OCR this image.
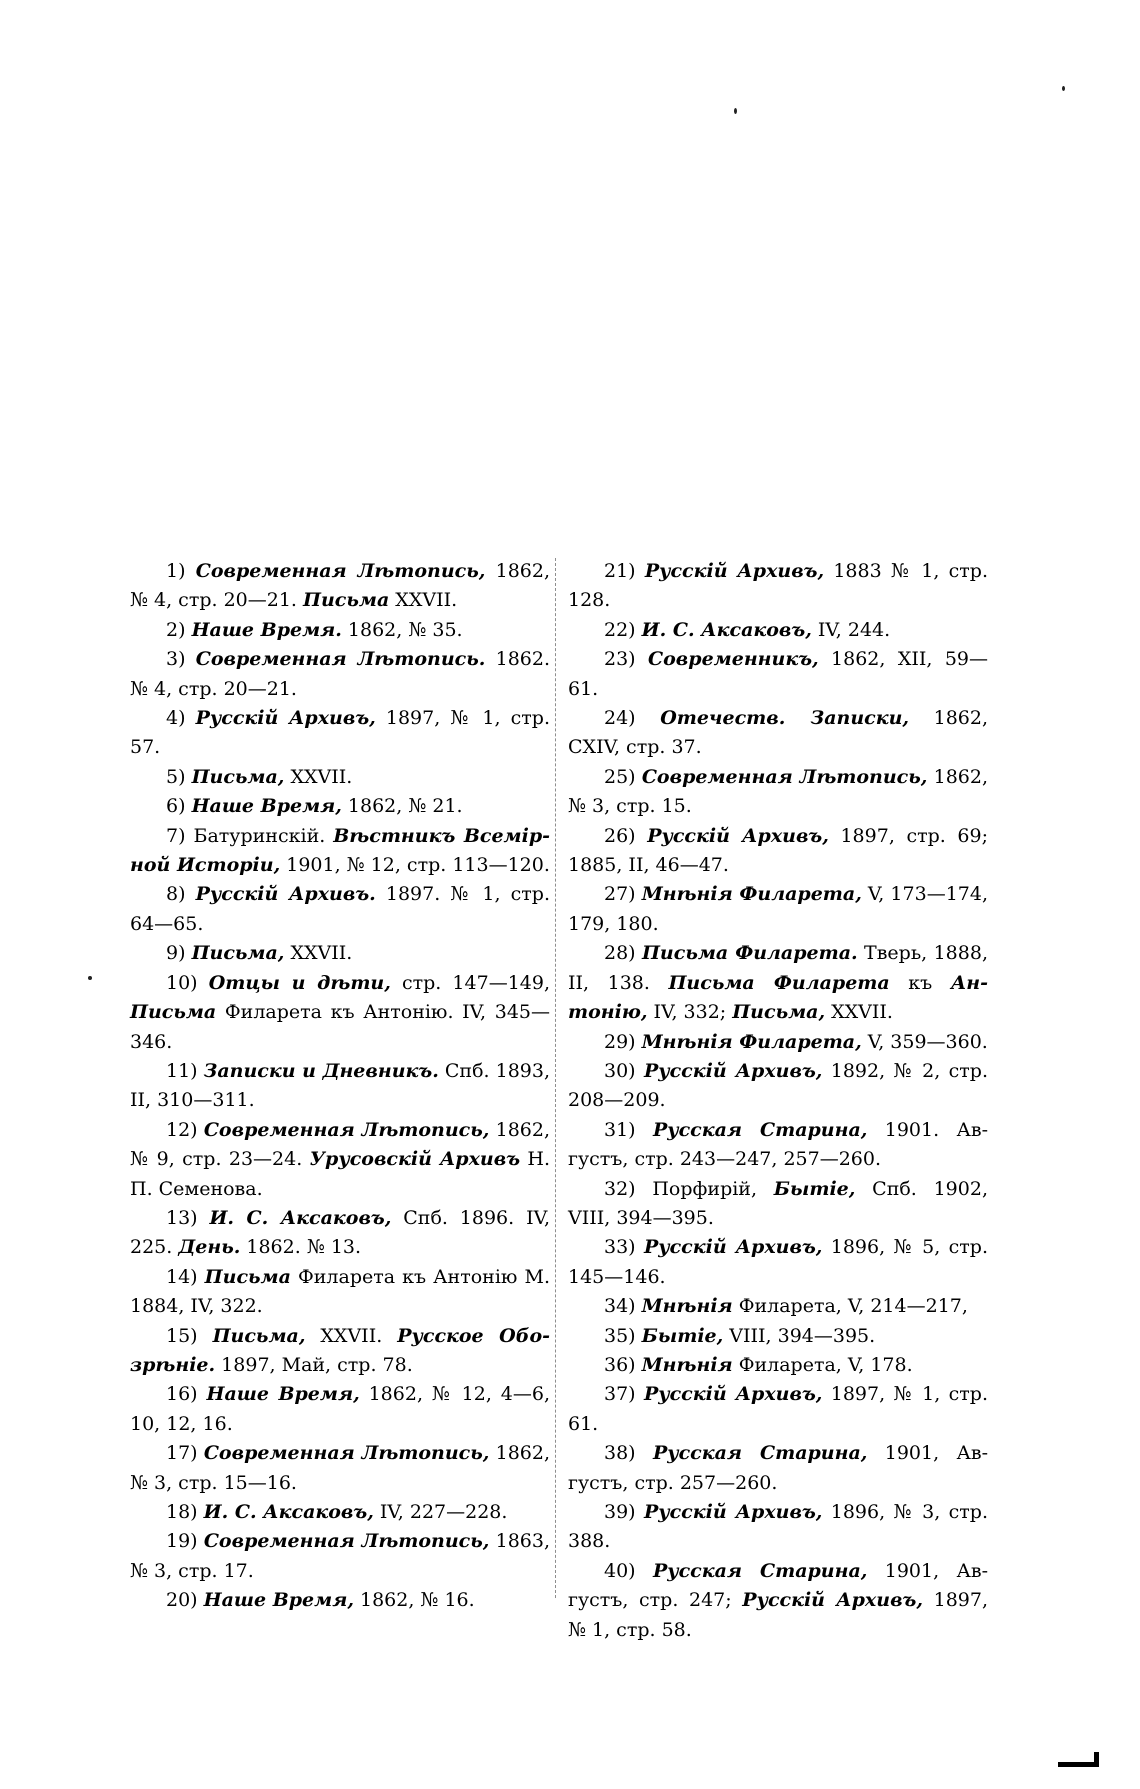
1) Современная Лѣтопись, 1862, № 4, стр. 20—21. Письма XXVII.

2) Наше Время. 1862, № 35.

3) Современная Лѣтопись. 1862. № 4, стр. 20—21.

4) Русскій Архивъ, 1897, № 1, стр. 57.

5) Письма, XXVII.

6) Наше Время, 1862, № 21.

7) Батуринскій. Вѣстникъ Всемірной Исторіи, 1901, № 12, стр. 113—120.

8) Русскій Архивъ. 1897. № 1, стр. 64—65.

9) Письма, XXVII.

10) Отцы и дѣти, стр. 147—149, Письма Филарета къ Антонію. IV, 345—346.

11) Записки и Дневникъ. Спб. 1893, II, 310—311.

12) Современная Лѣтопись, 1862, № 9, стр. 23—24. Урусовскій Архивъ Н. П. Семенова.

13) И. С. Аксаковъ, Спб. 1896. IV, 225. День. 1862. № 13.

14) Письма Филарета къ Антонію М. 1884, IV, 322.

15) Письма, XXVII. Русское Обозрѣніе. 1897, Май, стр. 78.

16) Наше Время, 1862, № 12, 4—6, 10, 12, 16.

17) Современная Лѣтопись, 1862, № 3, стр. 15—16.

18) И. С. Аксаковъ, IV, 227—228.

19) Современная Лѣтопись, 1863, № 3, стр. 17.

20) Наше Время, 1862, № 16.

21) Русскій Архивъ, 1883 № 1, стр. 128.

22) И. С. Аксаковъ, IV, 244.

23) Современникъ, 1862, XII, 59—61.

24) Отечеств. Записки, 1862, CXIV, стр. 37.

25) Современная Лѣтопись, 1862, № 3, стр. 15.

26) Русскій Архивъ, 1897, стр. 69; 1885, II, 46—47.

27) Мнѣнія Филарета, V, 173—174, 179, 180.

28) Письма Филарета. Тверь, 1888, II, 138. Письма Филарета къ Антонію, IV, 332; Письма, XXVII.

29) Мнѣнія Филарета, V, 359—360.

30) Русскій Архивъ, 1892, № 2, стр. 208—209.

31) Русская Старина, 1901. Августъ, стр. 243—247, 257—260.

32) Порфирій, Бытіе, Спб. 1902, VIII, 394—395.

33) Русскій Архивъ, 1896, № 5, стр. 145—146.

34) Мнѣнія Филарета, V, 214—217,

35) Бытіе, VIII, 394—395.

36) Мнѣнія Филарета, V, 178.

37) Русскій Архивъ, 1897, № 1, стр. 61.

38) Русская Старина, 1901, Августъ, стр. 257—260.

39) Русскій Архивъ, 1896, № 3, стр. 388.

40) Русская Старина, 1901, Августъ, стр. 247; Русскій Архивъ, 1897, № 1, стр. 58.
